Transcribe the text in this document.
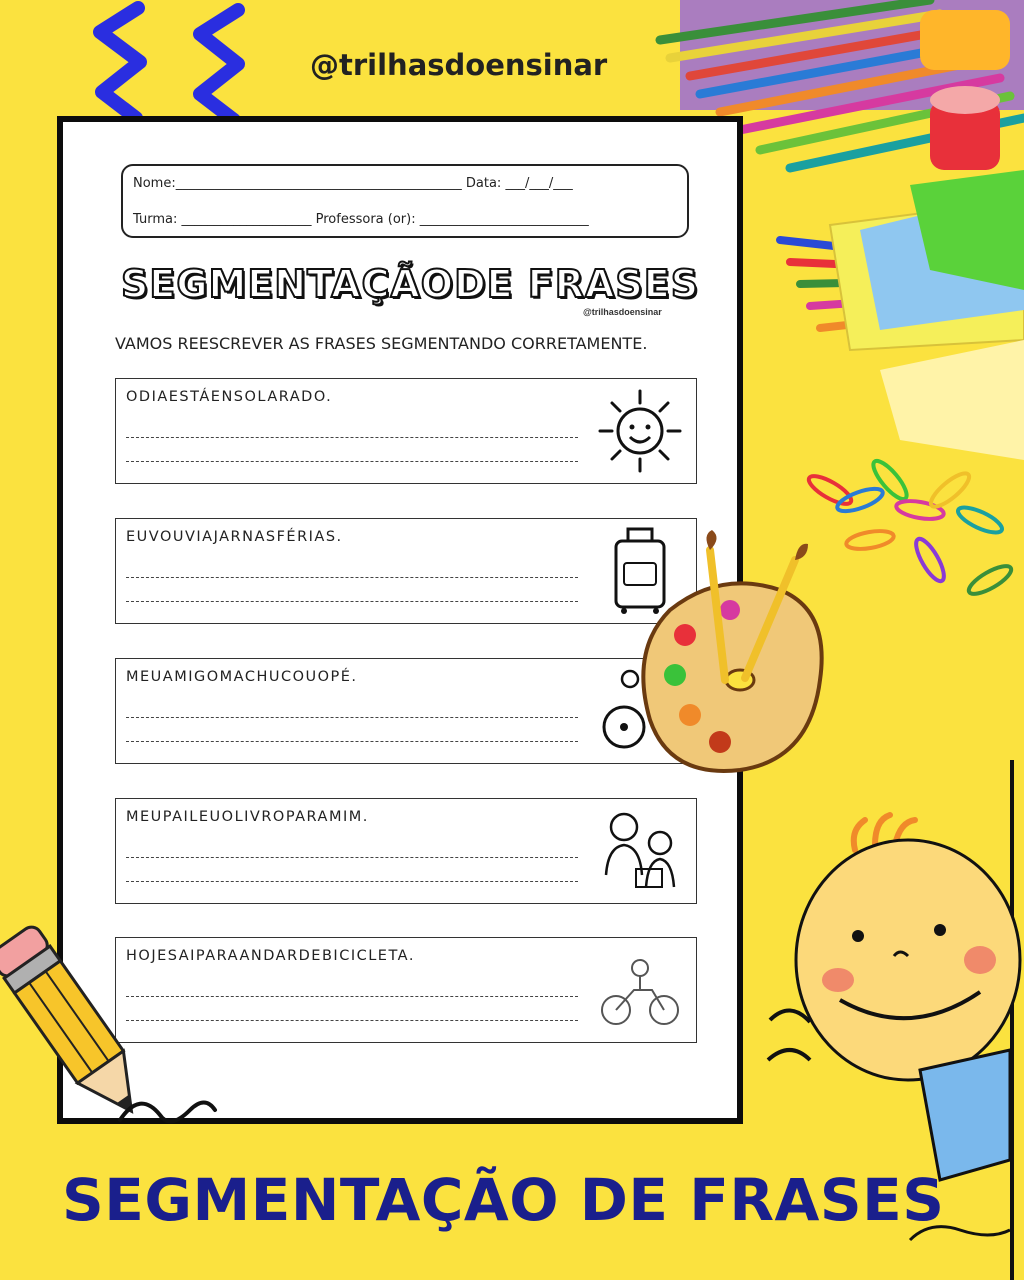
@trilhasdoensinar
Nome:____________________________________________ Data: ___/___/___
Turma: ____________________ Professora (or): __________________________
SEGMENTAÇÃODE FRASES
@trilhasdoensinar
VAMOS REESCREVER AS FRASES SEGMENTANDO CORRETAMENTE.
ODIAESTÁENSOLARADO.
EUVOUVIAJARNASFÉRIAS.
MEUAMIGOMACHUCOUOPÉ.
MEUPAILEUOLIVROPARAMIM.
HOJESAIPARAANDARDEBICICLETA.
SEGMENTAÇÃO DE FRASES
